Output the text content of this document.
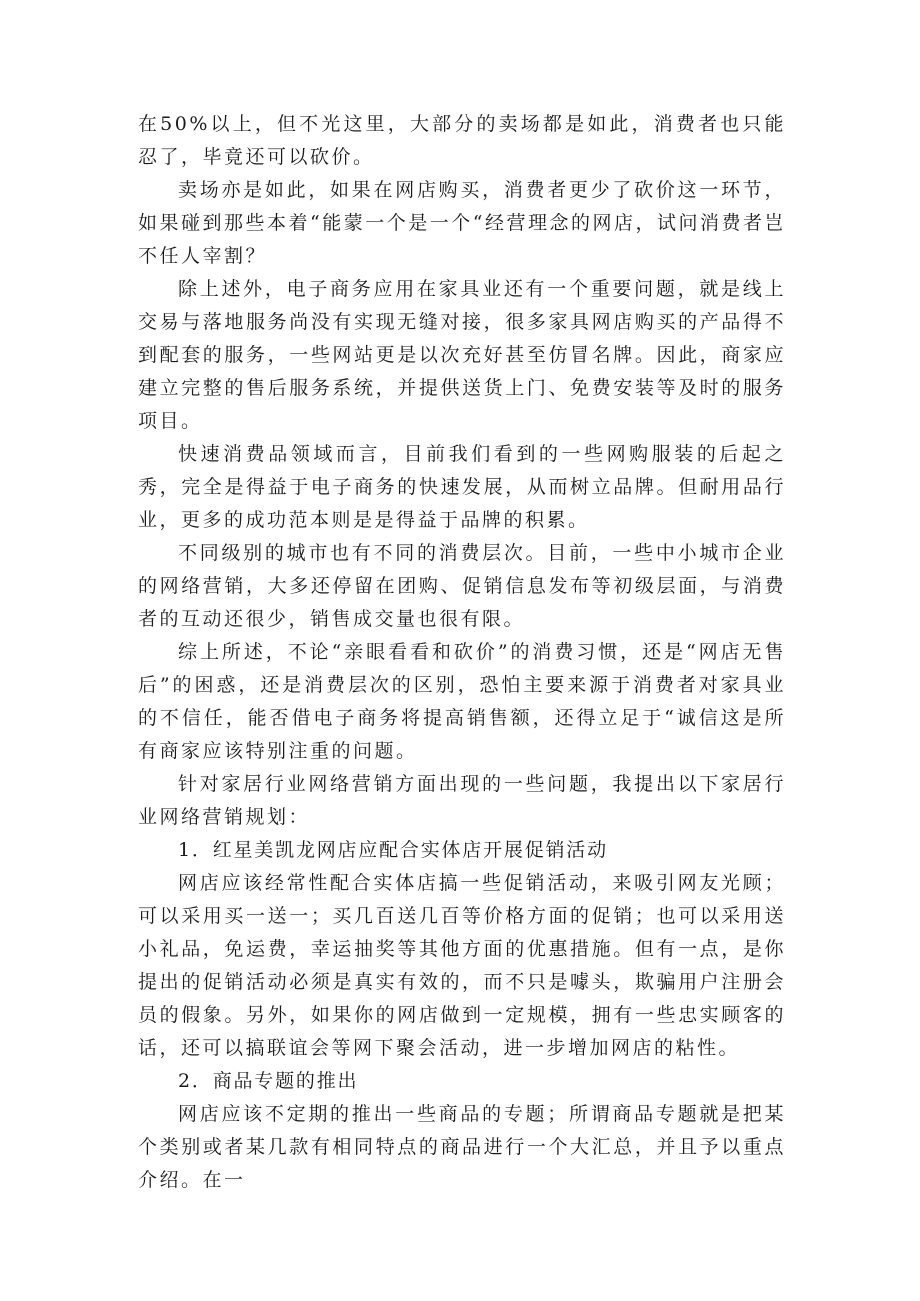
在50%以上，但不光这里，大部分的卖场都是如此，消费者也只能忍了，毕竟还可以砍价。

卖场亦是如此，如果在网店购买，消费者更少了砍价这一环节，如果碰到那些本着“能蒙一个是一个“经营理念的网店，试问消费者岂不任人宰割？

除上述外，电子商务应用在家具业还有一个重要问题，就是线上交易与落地服务尚没有实现无缝对接，很多家具网店购买的产品得不到配套的服务，一些网站更是以次充好甚至仿冒名牌。因此，商家应建立完整的售后服务系统，并提供送货上门、免费安装等及时的服务项目。

快速消费品领域而言，目前我们看到的一些网购服装的后起之秀，完全是得益于电子商务的快速发展，从而树立品牌。但耐用品行业，更多的成功范本则是是得益于品牌的积累。

不同级别的城市也有不同的消费层次。目前，一些中小城市企业的网络营销，大多还停留在团购、促销信息发布等初级层面，与消费者的互动还很少，销售成交量也很有限。

综上所述，不论“亲眼看看和砍价”的消费习惯，还是“网店无售后”的困惑，还是消费层次的区别，恐怕主要来源于消费者对家具业的不信任，能否借电子商务将提高销售额，还得立足于“诚信这是所有商家应该特别注重的问题。

针对家居行业网络营销方面出现的一些问题，我提出以下家居行业网络营销规划：

1．红星美凯龙网店应配合实体店开展促销活动

网店应该经常性配合实体店搞一些促销活动，来吸引网友光顾；可以采用买一送一；买几百送几百等价格方面的促销；也可以采用送小礼品，免运费，幸运抽奖等其他方面的优惠措施。但有一点，是你提出的促销活动必须是真实有效的，而不只是噱头，欺骗用户注册会员的假象。另外，如果你的网店做到一定规模，拥有一些忠实顾客的话，还可以搞联谊会等网下聚会活动，进一步增加网店的粘性。

2．商品专题的推出

网店应该不定期的推出一些商品的专题；所谓商品专题就是把某个类别或者某几款有相同特点的商品进行一个大汇总，并且予以重点介绍。在一
